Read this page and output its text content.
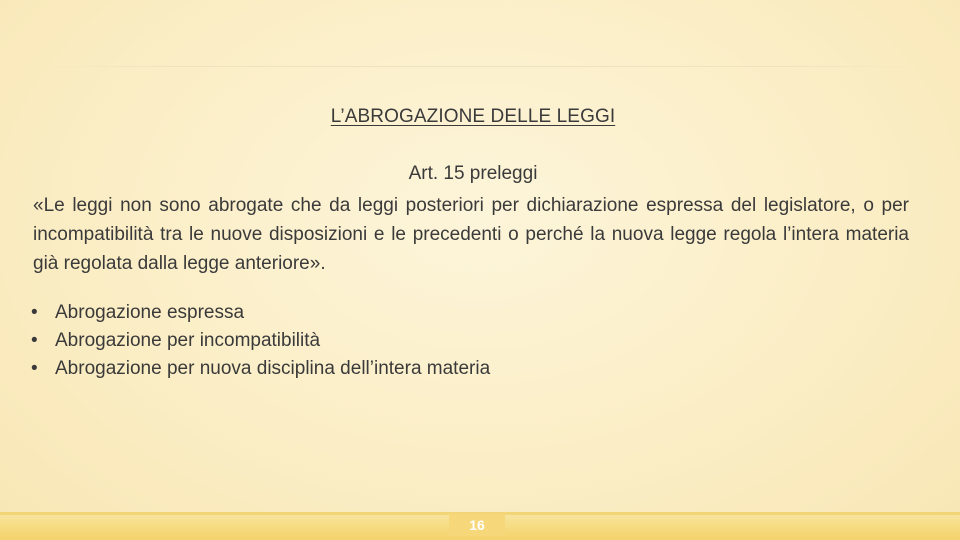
L’ABROGAZIONE DELLE LEGGI

Art. 15 preleggi

«Le leggi non sono abrogate che da leggi posteriori per dichiarazione espressa del legislatore, o per incompatibilità tra le nuove disposizioni e le precedenti o perché la nuova legge regola l’intera materia già regolata dalla legge anteriore».

• Abrogazione espressa
• Abrogazione per incompatibilità
• Abrogazione per nuova disciplina dell’intera materia
16
